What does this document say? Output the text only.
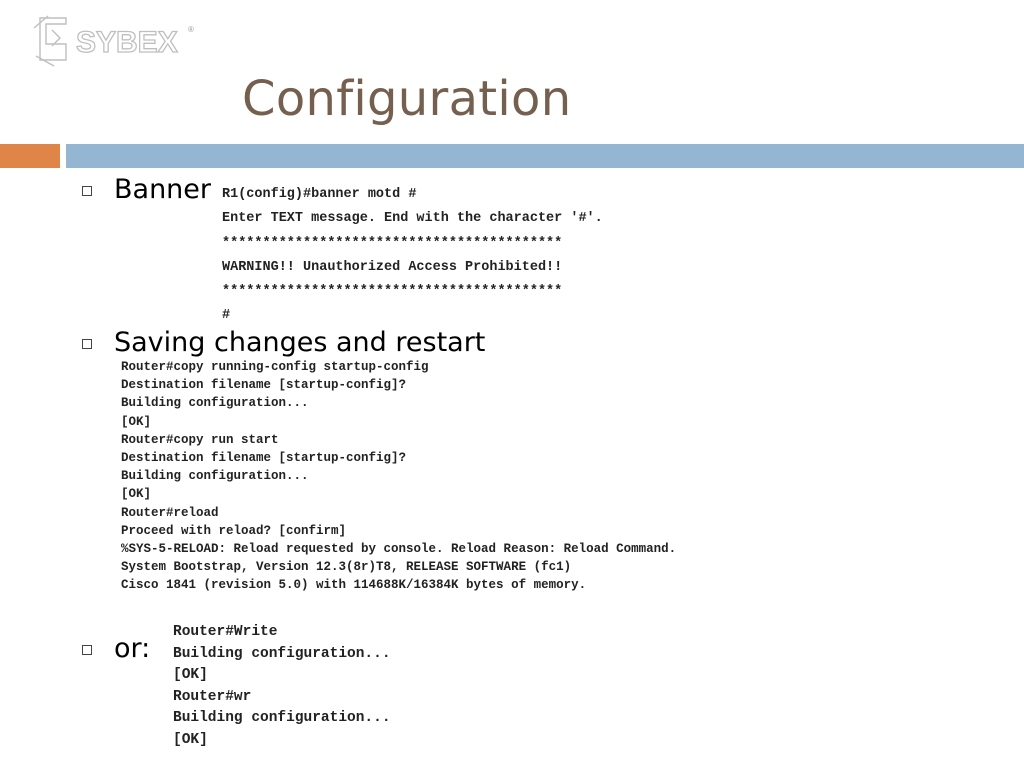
SYBEX ®
Configuration
Banner R1(config)#banner motd #
Enter TEXT message. End with the character '#'.
******************************************
WARNING!! Unauthorized Access Prohibited!!
******************************************
#
Saving changes and restart
Router#copy running-config startup-config
Destination filename [startup-config]?
Building configuration...
[OK]
Router#copy run start
Destination filename [startup-config]?
Building configuration...
[OK]
Router#reload
Proceed with reload? [confirm]
%SYS-5-RELOAD: Reload requested by console. Reload Reason: Reload Command.
System Bootstrap, Version 12.3(8r)T8, RELEASE SOFTWARE (fc1)
Cisco 1841 (revision 5.0) with 114688K/16384K bytes of memory.
or:
Router#Write
Building configuration...
[OK]
Router#wr
Building configuration...
[OK]
